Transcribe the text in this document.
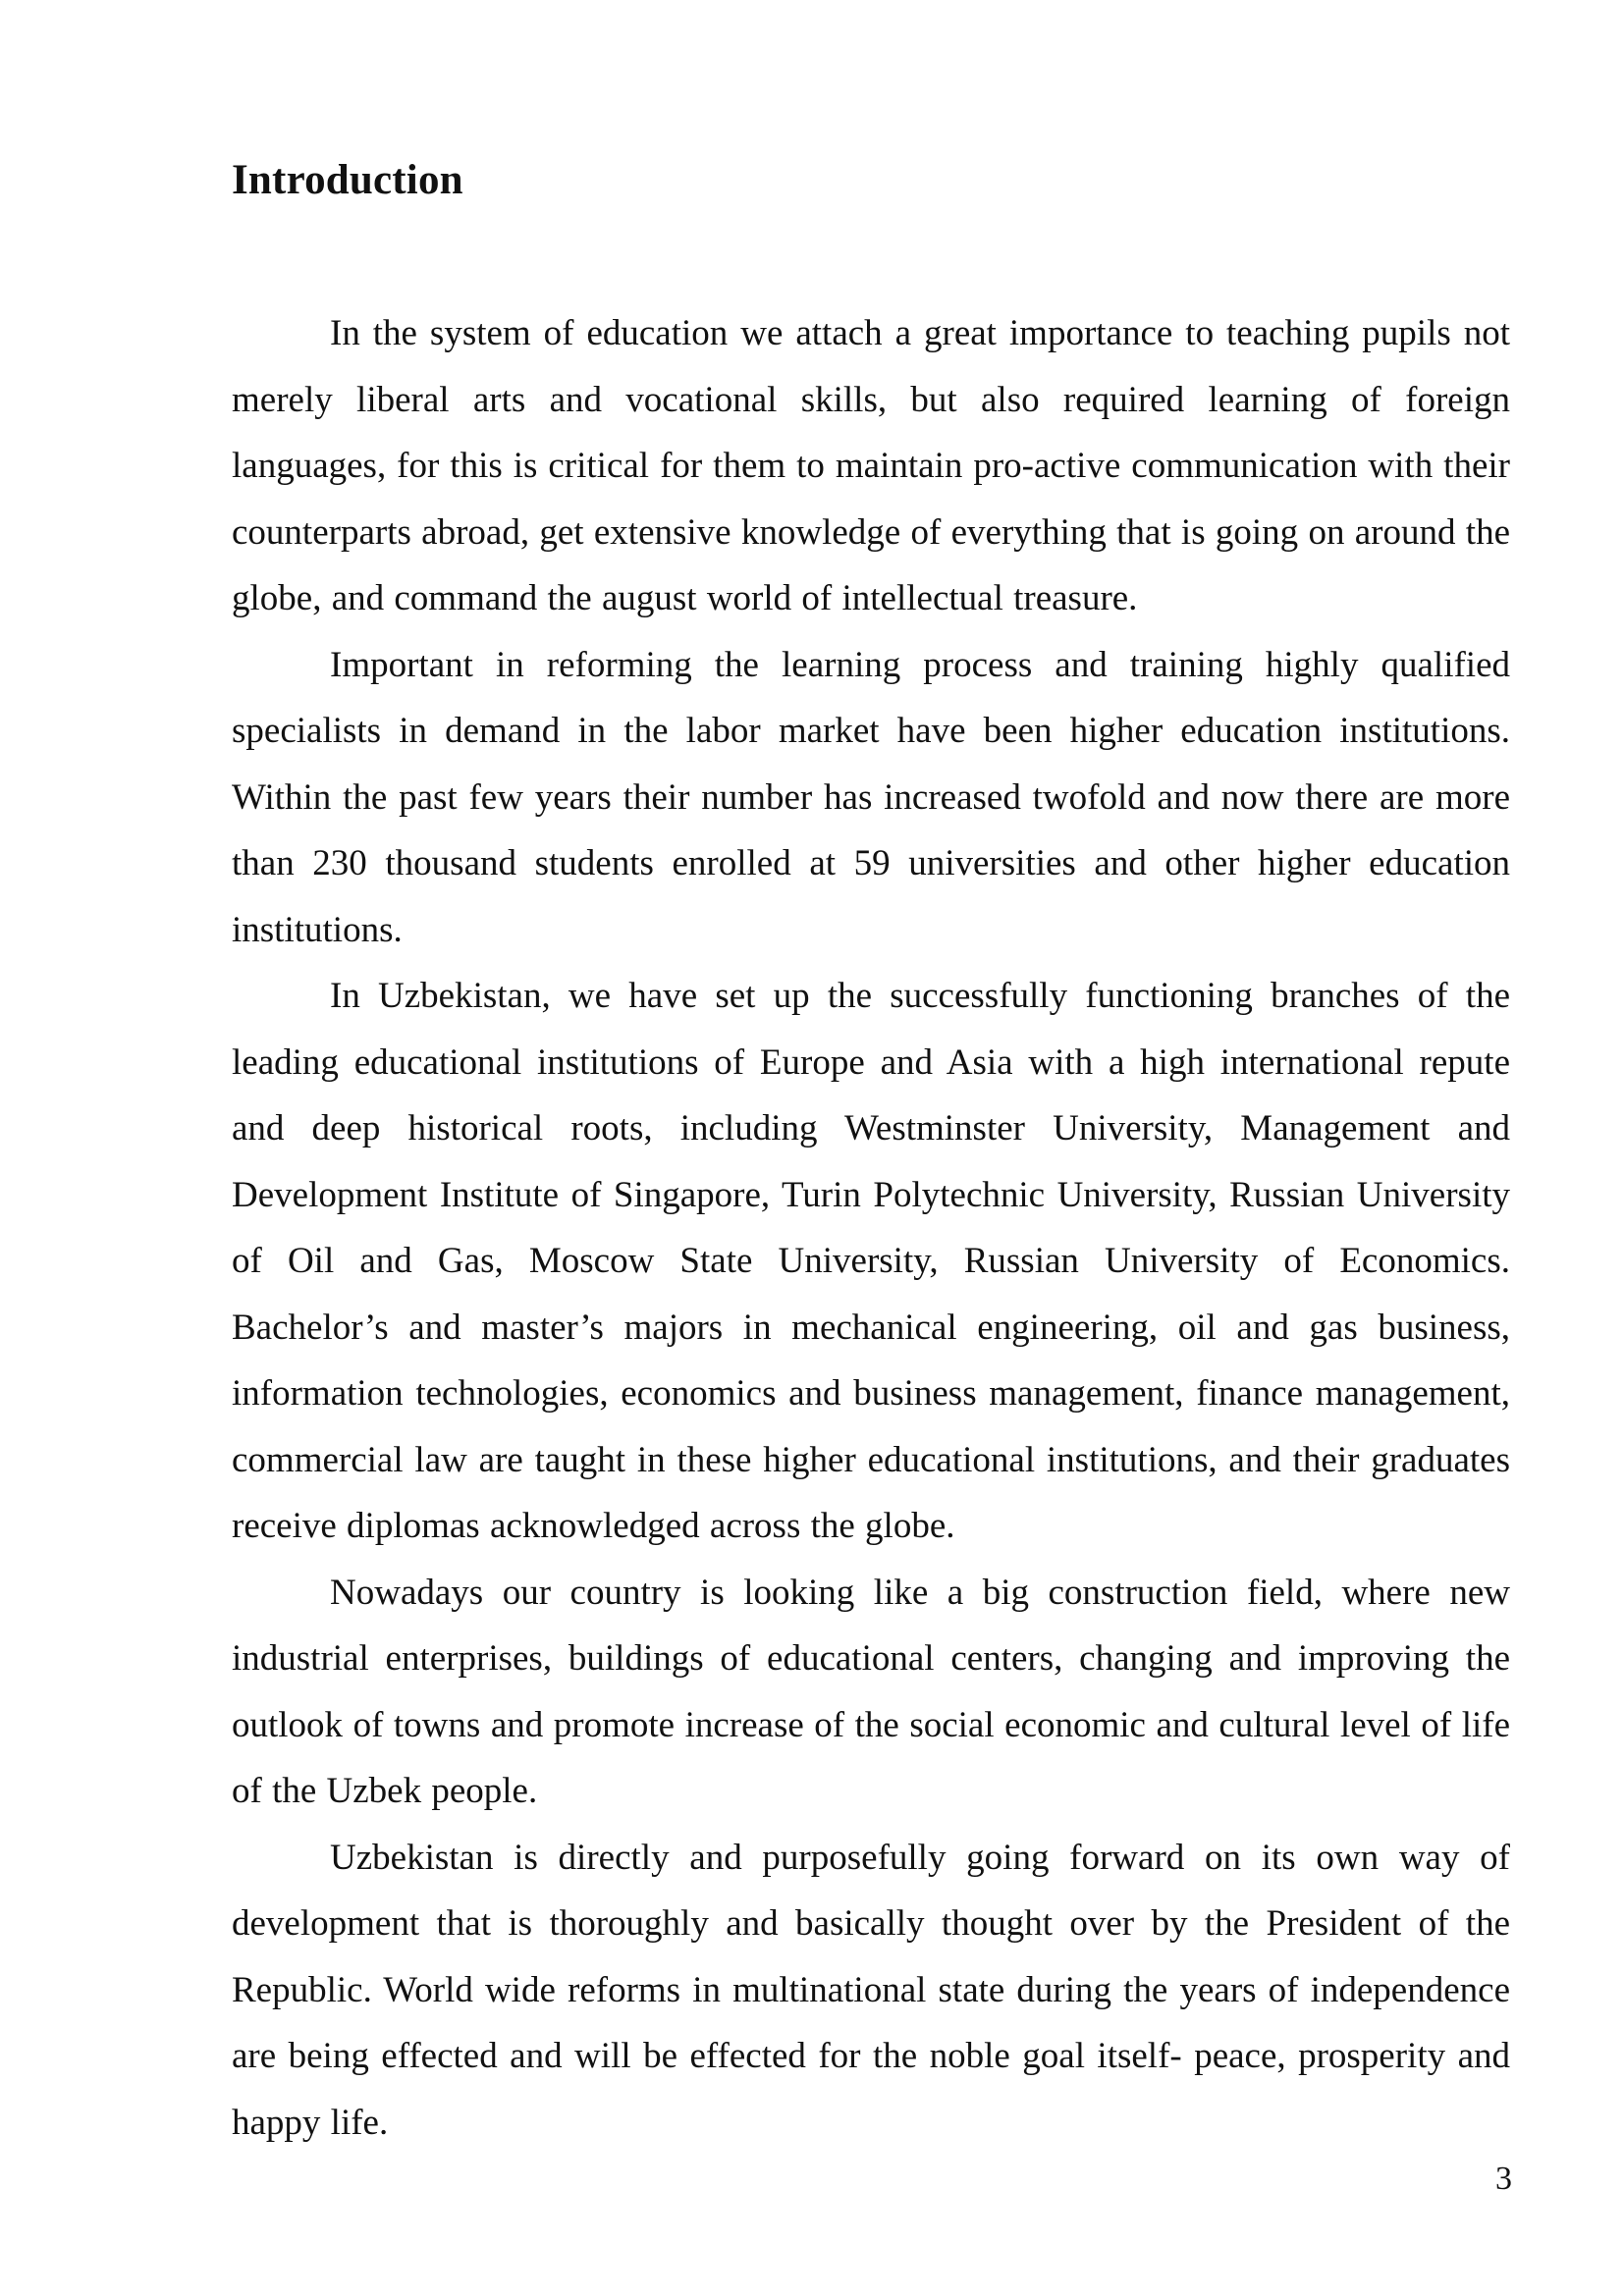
Introduction

In the system of education we attach a great importance to teaching pupils not merely liberal arts and vocational skills, but also required learning of foreign languages, for this is critical for them to maintain pro-active communication with their counterparts abroad, get extensive knowledge of everything that is going on around the globe, and command the august world of intellectual treasure.

Important in reforming the learning process and training highly qualified specialists in demand in the labor market have been higher education institutions. Within the past few years their number has increased twofold and now there are more than 230 thousand students enrolled at 59 universities and other higher education institutions.

In Uzbekistan, we have set up the successfully functioning branches of the leading educational institutions of Europe and Asia with a high international repute and deep historical roots, including Westminster University, Management and Development Institute of Singapore, Turin Polytechnic University, Russian University of Oil and Gas, Moscow State University, Russian University of Economics. Bachelor’s and master’s majors in mechanical engineering, oil and gas business, information technologies, economics and business management, finance management, commercial law are taught in these higher educational institutions, and their graduates receive diplomas acknowledged across the globe.

Nowadays our country is looking like a big construction field, where new industrial enterprises, buildings of educational centers, changing and improving the outlook of towns and promote increase of the social economic and cultural level of life of the Uzbek people.

Uzbekistan is directly and purposefully going forward on its own way of development that is thoroughly and basically thought over by the President of the Republic. World wide reforms in multinational state during the years of independence are being effected and will be effected for the noble goal itself- peace, prosperity and happy life.

3
